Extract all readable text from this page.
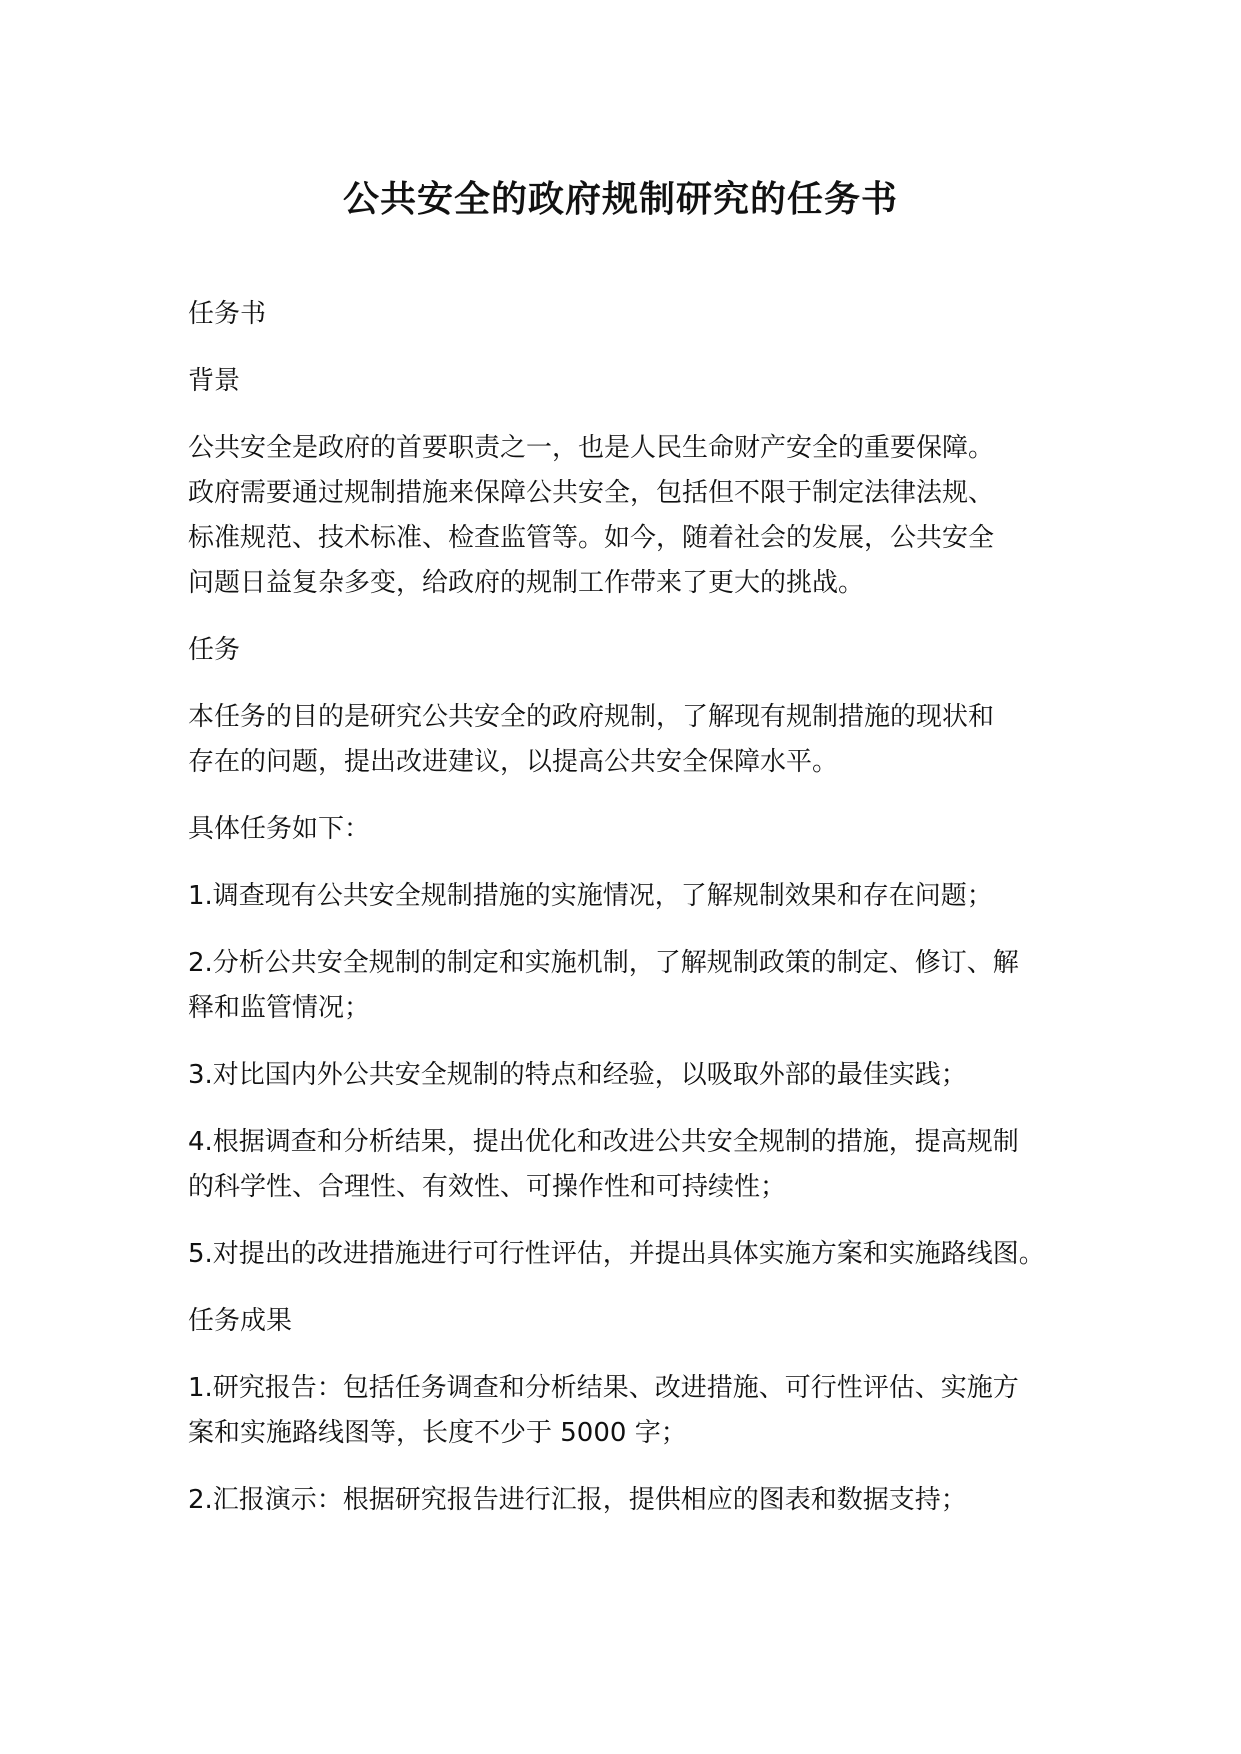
公共安全的政府规制研究的任务书

任务书

背景

公共安全是政府的首要职责之一，也是人民生命财产安全的重要保障。
政府需要通过规制措施来保障公共安全，包括但不限于制定法律法规、
标准规范、技术标准、检查监管等。如今，随着社会的发展，公共安全
问题日益复杂多变，给政府的规制工作带来了更大的挑战。

任务

本任务的目的是研究公共安全的政府规制，了解现有规制措施的现状和
存在的问题，提出改进建议，以提高公共安全保障水平。

具体任务如下：

1.调查现有公共安全规制措施的实施情况，了解规制效果和存在问题；

2.分析公共安全规制的制定和实施机制，了解规制政策的制定、修订、解
释和监管情况；

3.对比国内外公共安全规制的特点和经验，以吸取外部的最佳实践；

4.根据调查和分析结果，提出优化和改进公共安全规制的措施，提高规制
的科学性、合理性、有效性、可操作性和可持续性；

5.对提出的改进措施进行可行性评估，并提出具体实施方案和实施路线图。

任务成果

1.研究报告：包括任务调查和分析结果、改进措施、可行性评估、实施方
案和实施路线图等，长度不少于 5000 字；

2.汇报演示：根据研究报告进行汇报，提供相应的图表和数据支持；
